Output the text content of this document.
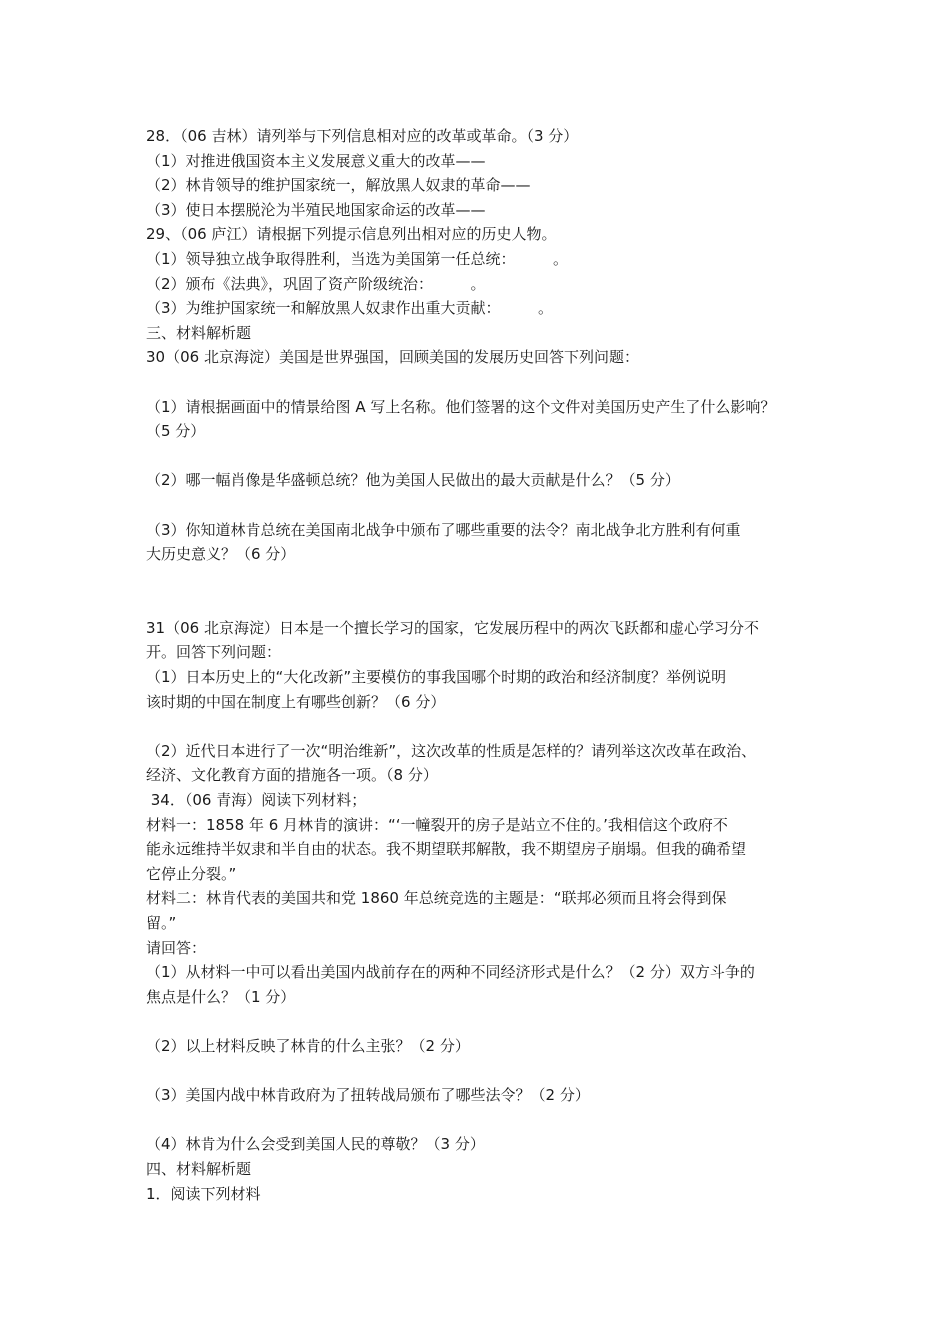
28．（06 吉林）请列举与下列信息相对应的改革或革命。（3 分）
（1）对推进俄国资本主义发展意义重大的改革——
（2）林肯领导的维护国家统一，解放黑人奴隶的革命——
（3）使日本摆脱沦为半殖民地国家命运的改革——
29、（06 庐江）请根据下列提示信息列出相对应的历史人物。
（1）领导独立战争取得胜利，当选为美国第一任总统：　　　。
（2）颁布《法典》，巩固了资产阶级统治：　　　。
（3）为维护国家统一和解放黑人奴隶作出重大贡献：　　　。
三、材料解析题
30（06 北京海淀）美国是世界强国，回顾美国的发展历史回答下列问题：
（1）请根据画面中的情景给图 A 写上名称。他们签署的这个文件对美国历史产生了什么影响？
（5 分）
（2）哪一幅肖像是华盛顿总统？他为美国人民做出的最大贡献是什么？（5 分）
（3）你知道林肯总统在美国南北战争中颁布了哪些重要的法令？南北战争北方胜利有何重
大历史意义？（6 分）
31（06 北京海淀）日本是一个擅长学习的国家，它发展历程中的两次飞跃都和虚心学习分不
开。回答下列问题：
（1）日本历史上的“大化改新”主要模仿的事我国哪个时期的政治和经济制度？举例说明
该时期的中国在制度上有哪些创新？（6 分）
（2）近代日本进行了一次“明治维新”，这次改革的性质是怎样的？请列举这次改革在政治、
经济、文化教育方面的措施各一项。（8 分）
34．（06 青海）阅读下列材料；
材料一：1858 年 6 月林肯的演讲：“‘一幢裂开的房子是站立不住的。’我相信这个政府不
能永远维持半奴隶和半自由的状态。我不期望联邦解散，我不期望房子崩塌。但我的确希望
它停止分裂。”
材料二：林肯代表的美国共和党 1860 年总统竞选的主题是：“联邦必须而且将会得到保
留。”
请回答：
（1）从材料一中可以看出美国内战前存在的两种不同经济形式是什么？（2 分）双方斗争的
焦点是什么？（1 分）
（2）以上材料反映了林肯的什么主张？（2 分）
（3）美国内战中林肯政府为了扭转战局颁布了哪些法令？（2 分）
（4）林肯为什么会受到美国人民的尊敬？（3 分）
四、材料解析题
1．阅读下列材料
